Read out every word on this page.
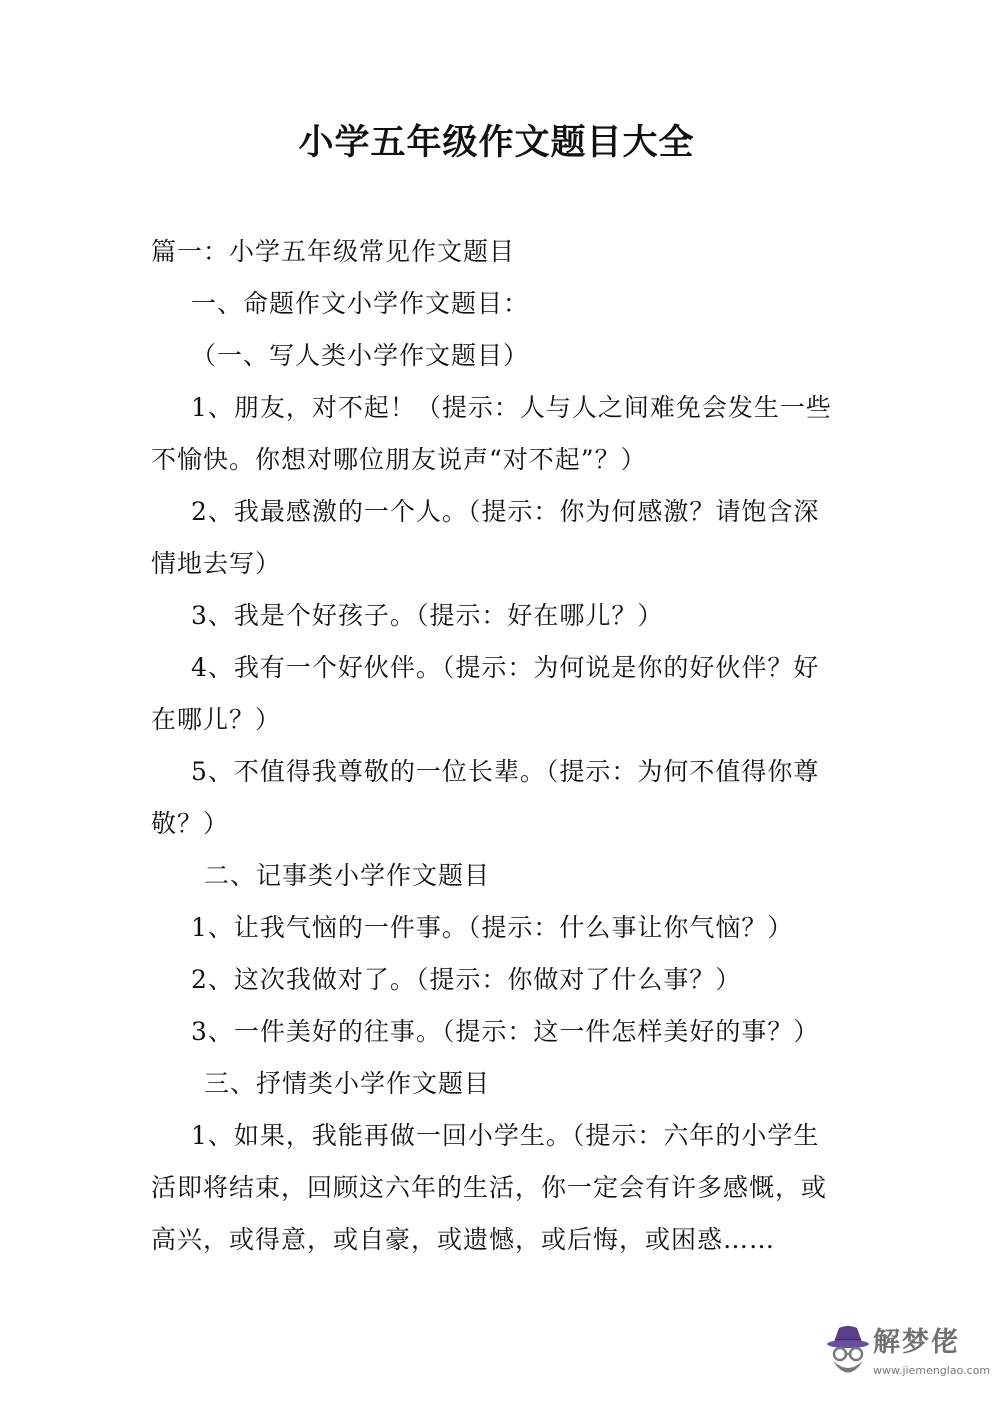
小学五年级作文题目大全

篇一：小学五年级常见作文题目

一、命题作文小学作文题目：

（一、写人类小学作文题目）

1、朋友，对不起！（提示：人与人之间难免会发生一些不愉快。你想对哪位朋友说声“对不起”？）

2、我最感激的一个人。（提示：你为何感激？请饱含深情地去写）

3、我是个好孩子。（提示：好在哪儿？）

4、我有一个好伙伴。（提示：为何说是你的好伙伴？好在哪儿？）

5、不值得我尊敬的一位长辈。（提示：为何不值得你尊敬？）

二、记事类小学作文题目

1、让我气恼的一件事。（提示：什么事让你气恼？）

2、这次我做对了。（提示：你做对了什么事？）

3、一件美好的往事。（提示：这一件怎样美好的事？）

三、抒情类小学作文题目

1、如果，我能再做一回小学生。（提示：六年的小学生活即将结束，回顾这六年的生活，你一定会有许多感慨，或高兴，或得意，或自豪，或遗憾，或后悔，或困惑……

解梦佬
www.jiemenglao.com
